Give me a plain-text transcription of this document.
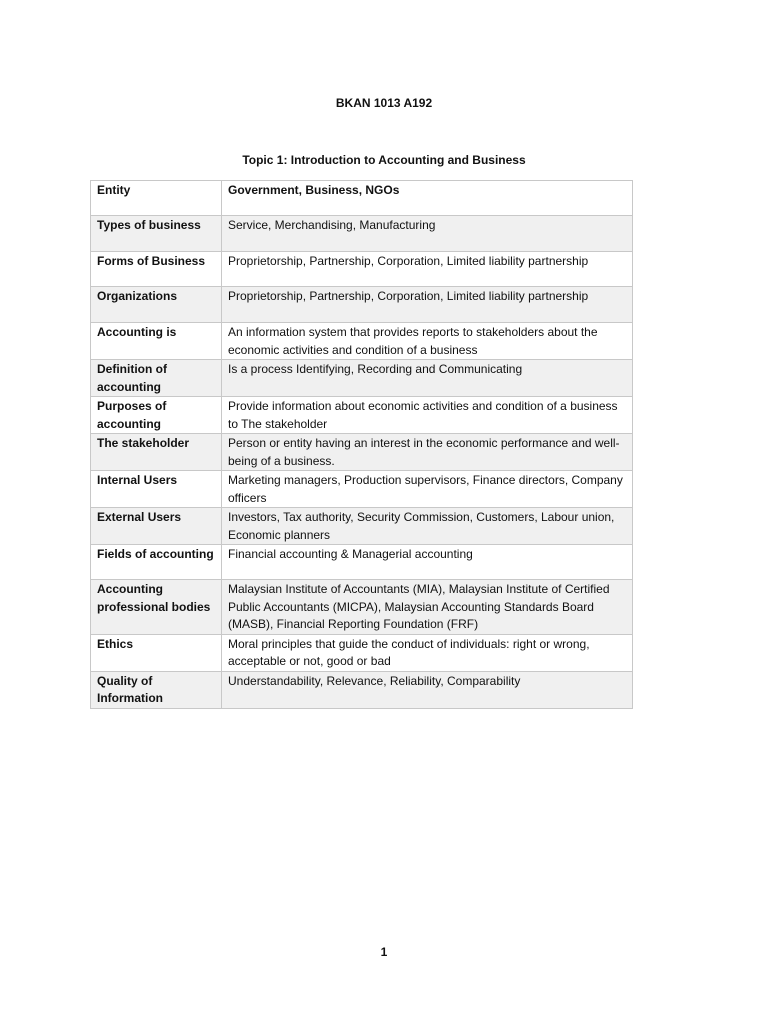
BKAN 1013 A192
Topic 1: Introduction to Accounting and Business
Entity	Government, Business, NGOs
Types of business	Service, Merchandising, Manufacturing
Forms of Business	Proprietorship, Partnership, Corporation, Limited liability partnership
Organizations	Proprietorship, Partnership, Corporation, Limited liability partnership
Accounting is	An information system that provides reports to stakeholders about the economic activities and condition of a business
Definition of accounting	Is a process Identifying, Recording and Communicating
Purposes of accounting	Provide information about economic activities and condition of a business to The stakeholder
The stakeholder	Person or entity having an interest in the economic performance and well-being of a business.
Internal Users	Marketing managers, Production supervisors, Finance directors, Company officers
External Users	Investors, Tax authority, Security Commission, Customers, Labour union, Economic planners
Fields of accounting	Financial accounting & Managerial accounting
Accounting professional bodies	Malaysian Institute of Accountants (MIA), Malaysian Institute of Certified Public Accountants (MICPA), Malaysian Accounting Standards Board (MASB), Financial Reporting Foundation (FRF)
Ethics	Moral principles that guide the conduct of individuals: right or wrong, acceptable or not, good or bad
Quality of Information	Understandability, Relevance, Reliability, Comparability
1
